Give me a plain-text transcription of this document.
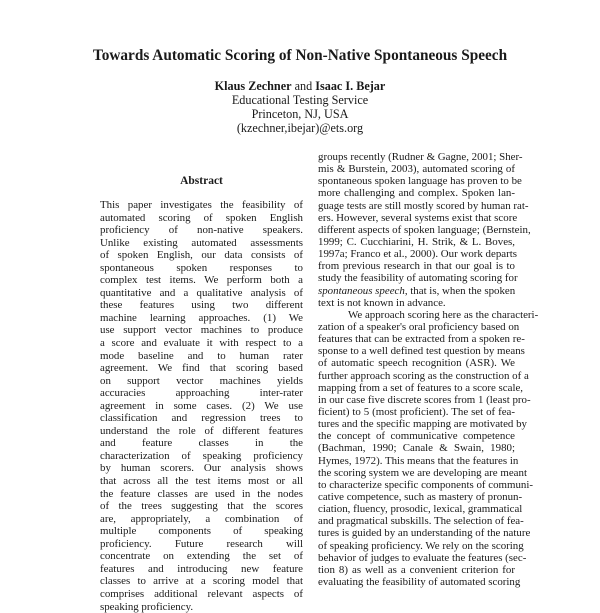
Towards Automatic Scoring of Non-Native Spontaneous Speech
Klaus Zechner and Isaac I. Bejar
Educational Testing Service
Princeton, NJ, USA
(kzechner,ibejar)@ets.org
Abstract
This paper investigates the feasibility of
automated scoring of spoken English
proficiency of non-native speakers.
Unlike existing automated assessments
of spoken English, our data consists of
spontaneous spoken responses to
complex test items. We perform both a
quantitative and a qualitative analysis of
these features using two different
machine learning approaches. (1) We
use support vector machines to produce
a score and evaluate it with respect to a
mode baseline and to human rater
agreement. We find that scoring based
on support vector machines yields
accuracies approaching inter-rater
agreement in some cases. (2) We use
classification and regression trees to
understand the role of different features
and feature classes in the
characterization of speaking proficiency
by human scorers. Our analysis shows
that across all the test items most or all
the feature classes are used in the nodes
of the trees suggesting that the scores
are, appropriately, a combination of
multiple components of speaking
proficiency. Future research will
concentrate on extending the set of
features and introducing new feature
classes to arrive at a scoring model that
comprises additional relevant aspects of
speaking proficiency.
groups recently (Rudner & Gagne, 2001; Sher-
mis & Burstein, 2003), automated scoring of
spontaneous spoken language has proven to be
more challenging and complex. Spoken lan-
guage tests are still mostly scored by human rat-
ers. However, several systems exist that score
different aspects of spoken language; (Bernstein,
1999; C. Cucchiarini, H. Strik, & L. Boves,
1997a; Franco et al., 2000). Our work departs
from previous research in that our goal is to
study the feasibility of automating scoring for
spontaneous speech, that is, when the spoken
text is not known in advance.
We approach scoring here as the characteri-
zation of a speaker's oral proficiency based on
features that can be extracted from a spoken re-
sponse to a well defined test question by means
of automatic speech recognition (ASR). We
further approach scoring as the construction of a
mapping from a set of features to a score scale,
in our case five discrete scores from 1 (least pro-
ficient) to 5 (most proficient). The set of fea-
tures and the specific mapping are motivated by
the concept of communicative competence
(Bachman, 1990; Canale & Swain, 1980;
Hymes, 1972). This means that the features in
the scoring system we are developing are meant
to characterize specific components of communi-
cative competence, such as mastery of pronun-
ciation, fluency, prosodic, lexical, grammatical
and pragmatical subskills. The selection of fea-
tures is guided by an understanding of the nature
of speaking proficiency. We rely on the scoring
behavior of judges to evaluate the features (sec-
tion 8) as well as a convenient criterion for
evaluating the feasibility of automated scoring
